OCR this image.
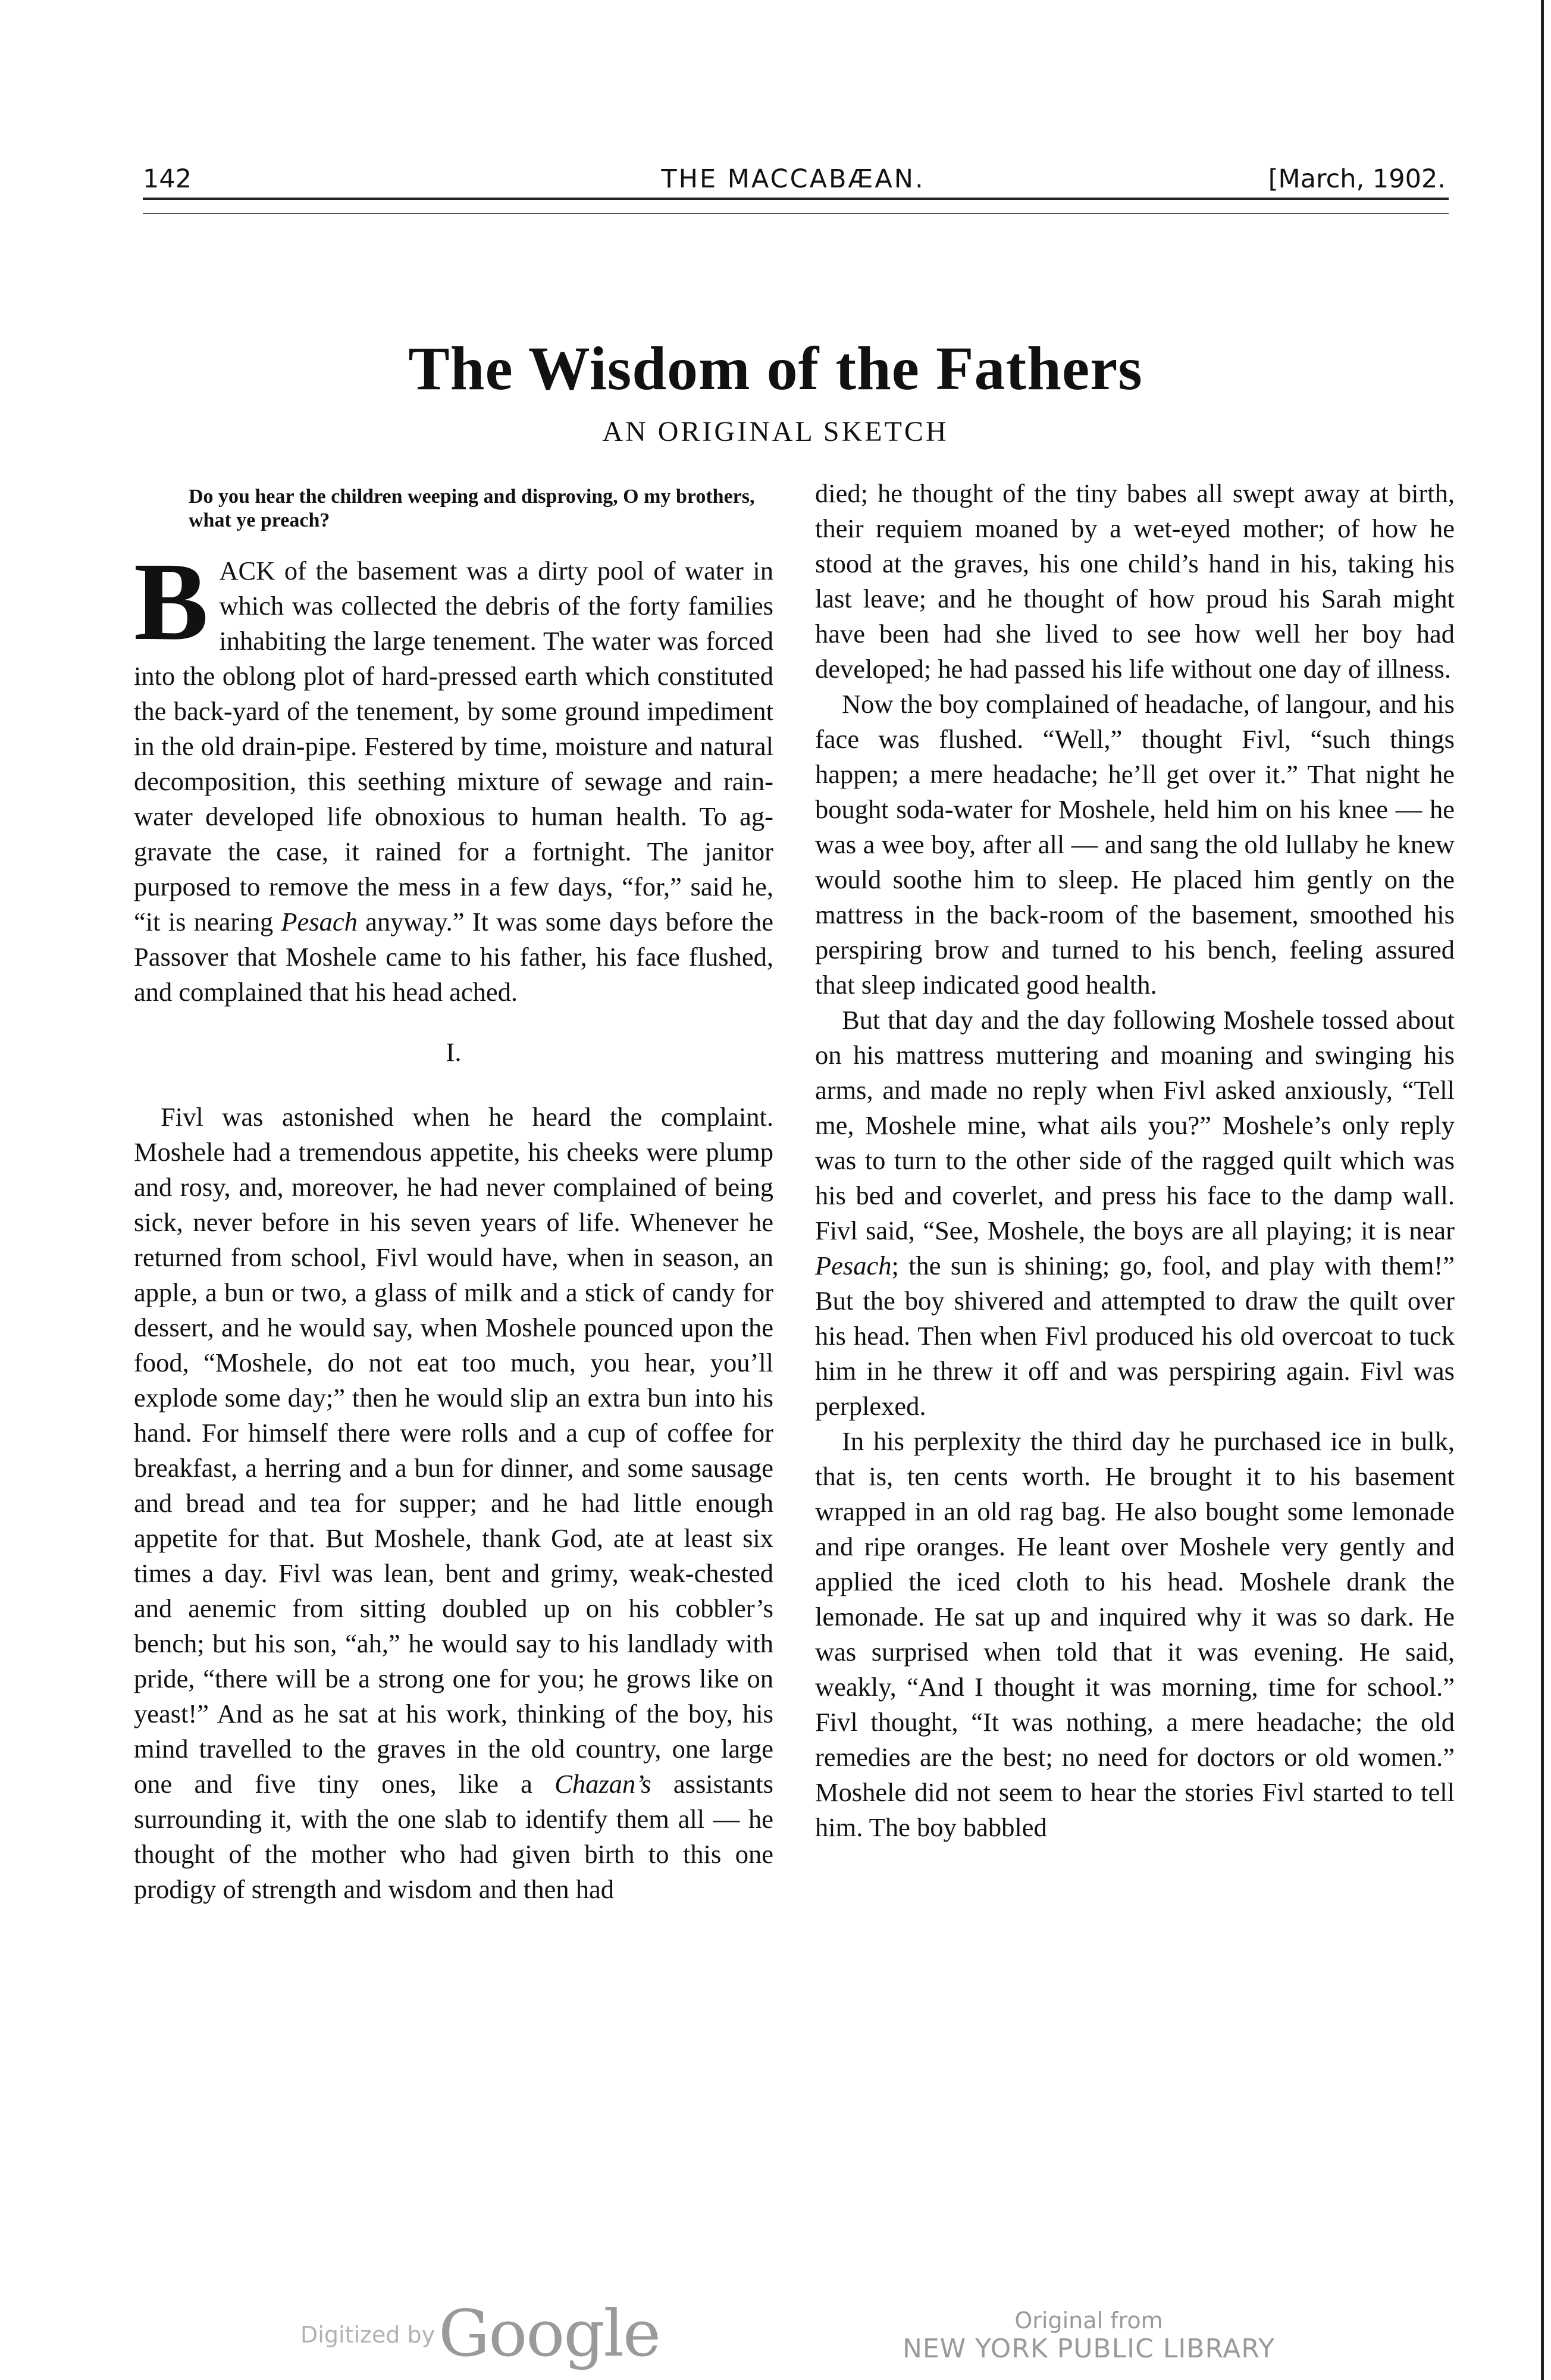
142	THE MACCABÆAN.	[March, 1902.
The Wisdom of the Fathers
AN ORIGINAL SKETCH

Do you hear the children weeping and disproving, O my brothers, what ye preach?

BACK of the basement was a dirty pool of water in which was collected the debris of the forty families inhabiting the large tenement. The water was forced into the oblong plot of hard-pressed earth which constituted the back-yard of the tenement, by some ground impediment in the old drain-pipe. Festered by time, moisture and natural decomposition, this seething mixture of sewage and rain-water developed life obnoxious to human health. To aggravate the case, it rained for a fortnight. The janitor purposed to remove the mess in a few days, “for,” said he, “it is nearing Pesach anyway.” It was some days before the Passover that Moshele came to his father, his face flushed, and complained that his head ached.

I.

Fivl was astonished when he heard the complaint. Moshele had a tremendous appetite, his cheeks were plump and rosy, and, moreover, he had never complained of being sick, never before in his seven years of life. Whenever he returned from school, Fivl would have, when in season, an apple, a bun or two, a glass of milk and a stick of candy for dessert, and he would say, when Moshele pounced upon the food, “Moshele, do not eat too much, you hear, you’ll explode some day;” then he would slip an extra bun into his hand. For himself there were rolls and a cup of coffee for breakfast, a herring and a bun for dinner, and some sausage and bread and tea for supper; and he had little enough appetite for that. But Moshele, thank God, ate at least six times a day. Fivl was lean, bent and grimy, weak-chested and aenemic from sitting doubled up on his cobbler’s bench; but his son, “ah,” he would say to his landlady with pride, “there will be a strong one for you; he grows like on yeast!” And as he sat at his work, thinking of the boy, his mind travelled to the graves in the old country, one large one and five tiny ones, like a Chazan’s assistants surrounding it, with the one slab to identify them all — he thought of the mother who had given birth to this one prodigy of strength and wisdom and then had

died; he thought of the tiny babes all swept away at birth, their requiem moaned by a wet-eyed mother; of how he stood at the graves, his one child’s hand in his, taking his last leave; and he thought of how proud his Sarah might have been had she lived to see how well her boy had developed; he had passed his life without one day of illness.

Now the boy complained of headache, of langour, and his face was flushed. “Well,” thought Fivl, “such things happen; a mere headache; he’ll get over it.” That night he bought soda-water for Moshele, held him on his knee — he was a wee boy, after all — and sang the old lullaby he knew would soothe him to sleep. He placed him gently on the mattress in the back-room of the basement, smoothed his perspiring brow and turned to his bench, feeling assured that sleep indicated good health.

But that day and the day following Moshele tossed about on his mattress muttering and moaning and swinging his arms, and made no reply when Fivl asked anxiously, “Tell me, Moshele mine, what ails you?” Moshele’s only reply was to turn to the other side of the ragged quilt which was his bed and coverlet, and press his face to the damp wall. Fivl said, “See, Moshele, the boys are all playing; it is near Pesach; the sun is shining; go, fool, and play with them!” But the boy shivered and attempted to draw the quilt over his head. Then when Fivl produced his old overcoat to tuck him in he threw it off and was perspiring again. Fivl was perplexed.

In his perplexity the third day he purchased ice in bulk, that is, ten cents worth. He brought it to his basement wrapped in an old rag bag. He also bought some lemonade and ripe oranges. He leant over Moshele very gently and applied the iced cloth to his head. Moshele drank the lemonade. He sat up and inquired why it was so dark. He was surprised when told that it was evening. He said, weakly, “And I thought it was morning, time for school.” Fivl thought, “It was nothing, a mere headache; the old remedies are the best; no need for doctors or old women.” Moshele did not seem to hear the stories Fivl started to tell him. The boy babbled

Digitized by Google	Original from
NEW YORK PUBLIC LIBRARY
